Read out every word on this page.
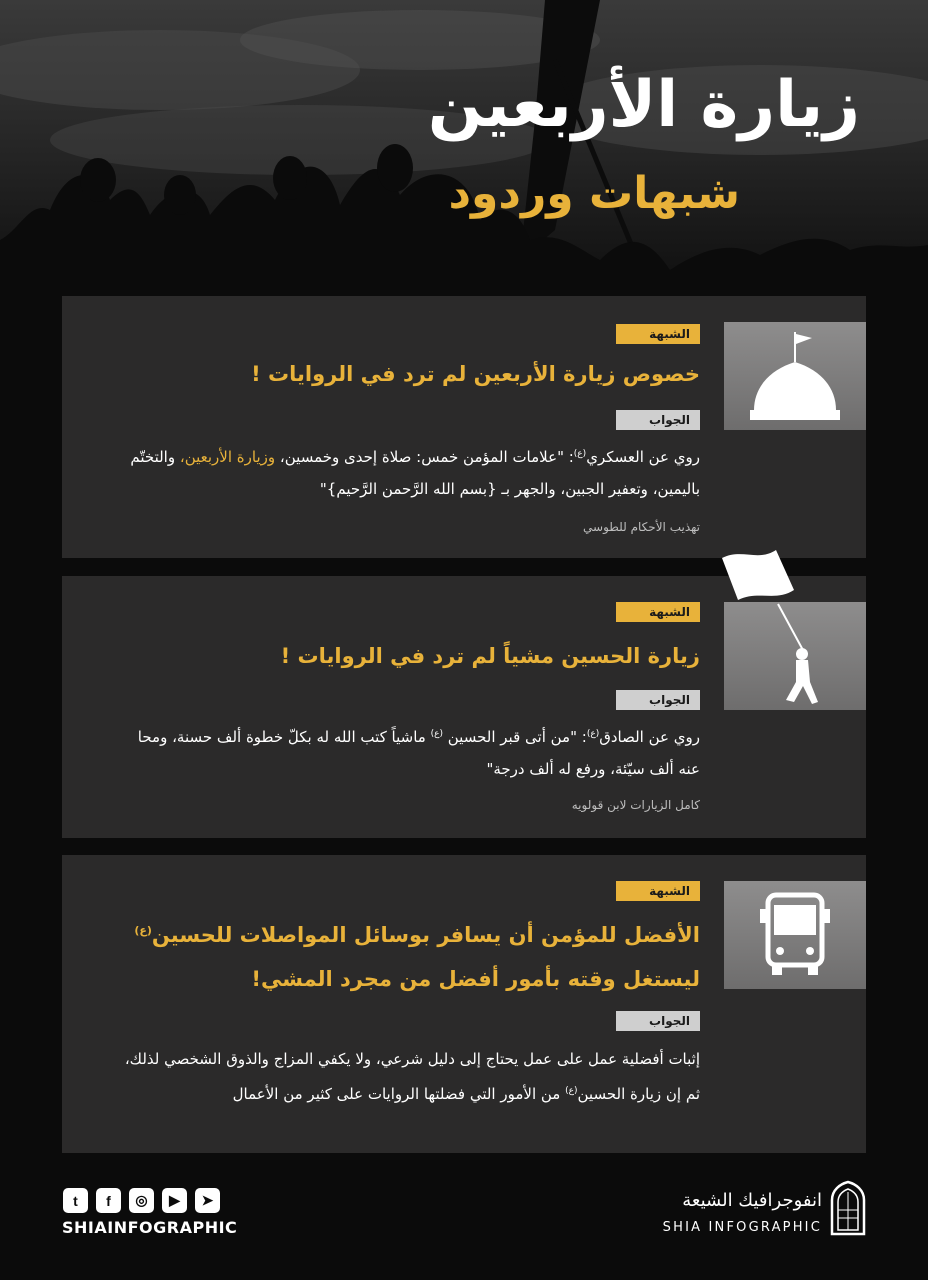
زيارة الأربعين
شبهات وردود
الشبهة
خصوص زيارة الأربعين لم ترد في الروايات !
الجواب
روي عن العسكري$^{(ع)}$: "علامات المؤمن خمس: صلاة إحدى وخمسين، وزيارة الأربعين، والتختّم باليمين، وتعفير الجبين، والجهر بـ {بسم الله الرَّحمن الرَّحيم}"
تهذيب الأحكام للطوسي
الشبهة
زيارة الحسين مشياً لم ترد في الروايات !
الجواب
روي عن الصادق$^{(ع)}$: "من أتى قبر الحسين $^{(ع)}$ ماشياً كتب الله له بكلّ خطوة ألف حسنة، ومحا عنه ألف سيّئة، ورفع له ألف درجة"
كامل الزيارات لابن قولويه
الشبهة
الأفضل للمؤمن أن يسافر بوسائل المواصلات للحسين$^{(ع)}$
ليستغل وقته بأمور أفضل من مجرد المشي!
الجواب
إثبات أفضلية عمل على عمل يحتاج إلى دليل شرعي، ولا يكفي المزاج والذوق الشخصي لذلك، ثم إن زيارة الحسين$^{(ع)}$ من الأمور التي فضلتها الروايات على كثير من الأعمال
t	f	◎	▶	➤
SHIAINFOGRAPHIC
انفوجرافيك الشيعة
SHIA INFOGRAPHIC
